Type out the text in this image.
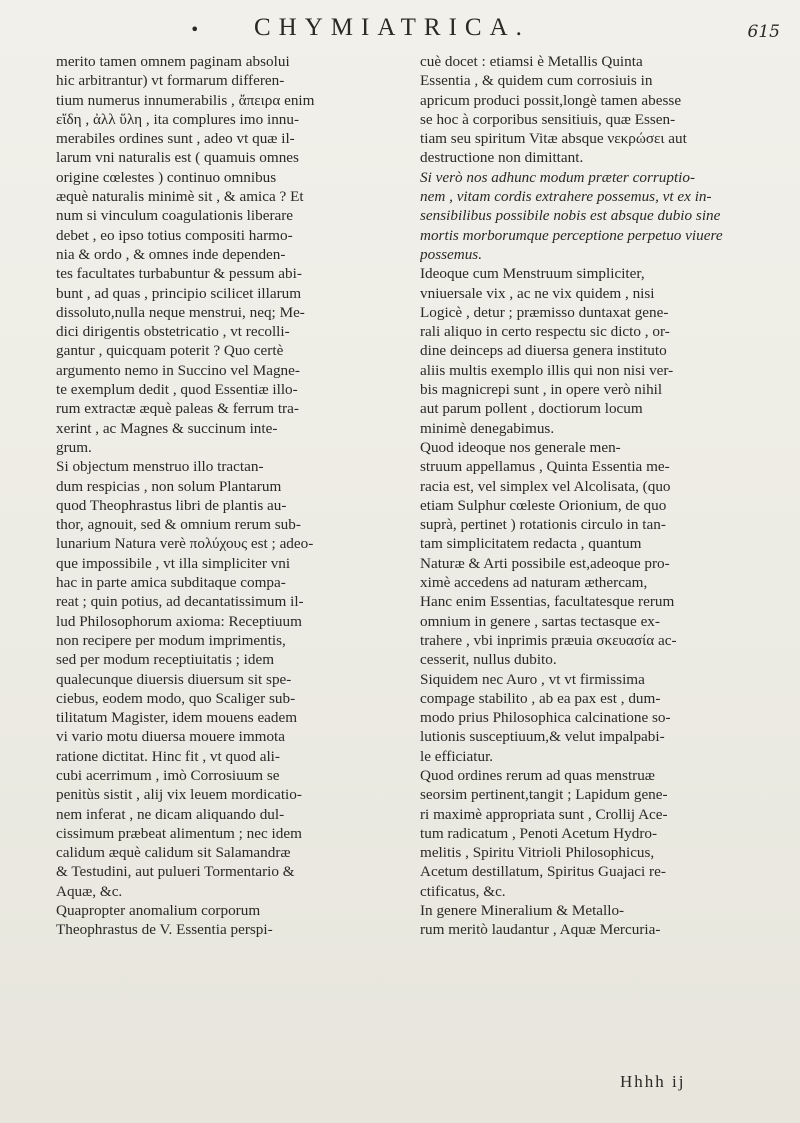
• CHYMIATRICA.	615
merito tamen omnem paginam absolui
hic arbitrantur) vt formarum differen-
tium numerus innumerabilis , ἄπειρα enim
εἴδη , ἀλλ ὕλη , ita complures imo innu-
merabiles ordines sunt , adeo vt quæ il-
larum vni naturalis est ( quamuis omnes
origine cœlestes ) continuo omnibus
æquè naturalis minimè sit , & amica ? Et
num si vinculum coagulationis liberare
debet , eo ipso totius compositi harmo-
nia & ordo , & omnes inde dependen-
tes facultates turbabuntur & pessum abi-
bunt , ad quas , principio scilicet illarum
dissoluto,nulla neque menstrui, neq; Me-
dici dirigentis obstetricatio , vt recolli-
gantur , quicquam poterit ? Quo certè
argumento nemo in Succino vel Magne-
te exemplum dedit , quod Essentiæ illo-
rum extractæ æquè paleas & ferrum tra-
xerint , ac Magnes & succinum inte-
grum.
Si objectum menstruo illo tractan-
dum respicias , non solum Plantarum
quod Theophrastus libri de plantis au-
thor, agnouit, sed & omnium rerum sub-
lunarium Natura verè πολύχους est ; adeo-
que impossibile , vt illa simpliciter vni
hac in parte amica subditaque compa-
reat ; quin potius, ad decantatissimum il-
lud Philosophorum axioma: Receptiuum
non recipere per modum imprimentis,
sed per modum receptiuitatis ; idem
qualecunque diuersis diuersum sit spe-
ciebus, eodem modo, quo Scaliger sub-
tilitatum Magister, idem mouens eadem
vi vario motu diuersa mouere immota
ratione dictitat. Hinc fit , vt quod ali-
cubi acerrimum , imò Corrosiuum se
penitùs sistit , alij vix leuem mordicatio-
nem inferat , ne dicam aliquando dul-
cissimum præbeat alimentum ; nec idem
calidum æquè calidum sit Salamandræ
& Testudini, aut pulueri Tormentario &
Aquæ, &c.
Quapropter anomalium corporum
Theophrastus de V. Essentia perspi-
cuè docet : etiamsi è Metallis Quinta
Essentia , & quidem cum corrosiuis in
apricum produci possit,longè tamen abesse
se hoc à corporibus sensitiuis, quæ Essen-
tiam seu spiritum Vitæ absque νεκρώσει aut
destructione non dimittant.
Si verò nos adhunc modum præter corruptio-
nem , vitam cordis extrahere possemus, vt ex in-
sensibilibus possibile nobis est absque dubio sine
mortis morborumque perceptione perpetuo viuere
possemus.
Ideoque cum Menstruum simpliciter,
vniuersale vix , ac ne vix quidem , nisi
Logicè , detur ; præmisso duntaxat gene-
rali aliquo in certo respectu sic dicto , or-
dine deinceps ad diuersa genera instituto
aliis multis exemplo illis qui non nisi ver-
bis magnicrepi sunt , in opere verò nihil
aut parum pollent , doctiorum locum
minimè denegabimus.
Quod ideoque nos generale men-
struum appellamus , Quinta Essentia me-
racia est, vel simplex vel Alcolisata, (quo
etiam Sulphur cœleste Orionium, de quo
suprà, pertinet ) rotationis circulo in tan-
tam simplicitatem redacta , quantum
Naturæ & Arti possibile est,adeoque pro-
ximè accedens ad naturam æthercam,
Hanc enim Essentias, facultatesque rerum
omnium in genere , sartas tectasque ex-
trahere , vbi inprimis præuia σκευασία ac-
cesserit, nullus dubito.
Siquidem nec Auro , vt vt firmissima
compage stabilito , ab ea pax est , dum-
modo prius Philosophica calcinatione so-
lutionis susceptiuum,& velut impalpabi-
le efficiatur.
Quod ordines rerum ad quas menstruæ
seorsim pertinent,tangit ; Lapidum gene-
ri maximè appropriata sunt , Crollij Ace-
tum radicatum , Penoti Acetum Hydro-
melitis , Spiritu Vitrioli Philosophicus,
Acetum destillatum, Spiritus Guajaci re-
ctificatus, &c.
In genere Mineralium & Metallo-
rum meritò laudantur , Aquæ Mercuria-
Hhhh ij
